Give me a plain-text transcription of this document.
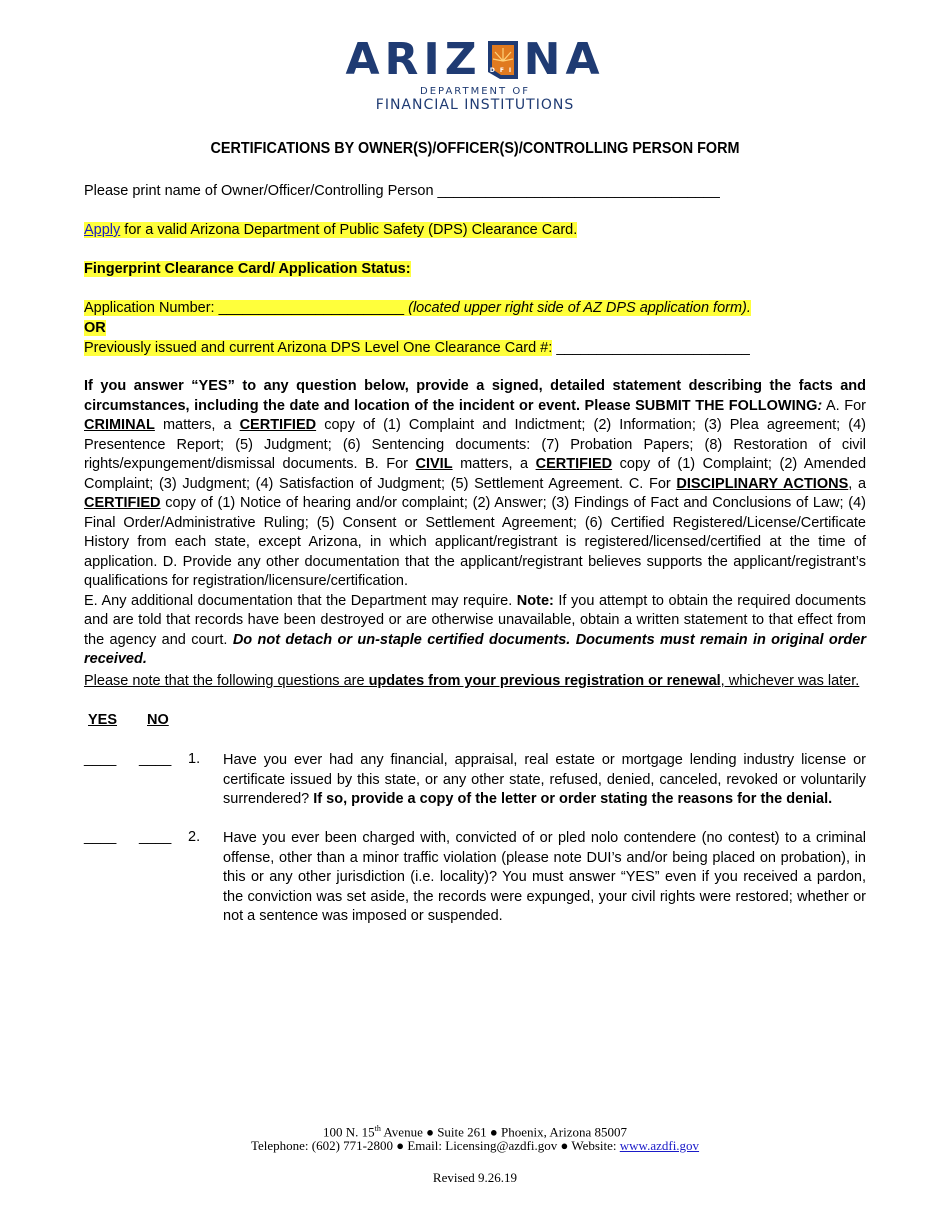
ARIZ DFI NA
DEPARTMENT OF
FINANCIAL INSTITUTIONS
CERTIFICATIONS BY OWNER(S)/OFFICER(S)/CONTROLLING PERSON FORM
Please print name of Owner/Officer/Controlling Person ___________________________________
Apply for a valid Arizona Department of Public Safety (DPS) Clearance Card.
Fingerprint Clearance Card/ Application Status:
Application Number: _______________________ (located upper right side of AZ DPS application form).
OR
Previously issued and current Arizona DPS Level One Clearance Card #: ________________________
If you answer “YES” to any question below, provide a signed, detailed statement describing the facts and circumstances, including the date and location of the incident or event. Please SUBMIT THE FOLLOWING: A. For CRIMINAL matters, a CERTIFIED copy of (1) Complaint and Indictment; (2) Information; (3) Plea agreement; (4) Presentence Report; (5) Judgment; (6) Sentencing documents: (7) Probation Papers; (8) Restoration of civil rights/expungement/dismissal documents. B. For CIVIL matters, a CERTIFIED copy of (1) Complaint; (2) Amended Complaint; (3) Judgment; (4) Satisfaction of Judgment; (5) Settlement Agreement. C. For DISCIPLINARY ACTIONS, a CERTIFIED copy of (1) Notice of hearing and/or complaint; (2) Answer; (3) Findings of Fact and Conclusions of Law; (4) Final Order/Administrative Ruling; (5) Consent or Settlement Agreement; (6) Certified Registered/License/Certificate History from each state, except Arizona, in which applicant/registrant is registered/licensed/certified at the time of application. D. Provide any other documentation that the applicant/registrant believes supports the applicant/registrant’s qualifications for registration/licensure/certification.
E. Any additional documentation that the Department may require. Note: If you attempt to obtain the required documents and are told that records have been destroyed or are otherwise unavailable, obtain a written statement to that effect from the agency and court. Do not detach or un-staple certified documents. Documents must remain in original order received.
Please note that the following questions are updates from your previous registration or renewal, whichever was later.
YES NO
____ ____ 1. Have you ever had any financial, appraisal, real estate or mortgage lending industry license or certificate issued by this state, or any other state, refused, denied, canceled, revoked or voluntarily surrendered? If so, provide a copy of the letter or order stating the reasons for the denial.
____ ____ 2. Have you ever been charged with, convicted of or pled nolo contendere (no contest) to a criminal offense, other than a minor traffic violation (please note DUI’s and/or being placed on probation), in this or any other jurisdiction (i.e. locality)? You must answer “YES” even if you received a pardon, the conviction was set aside, the records were expunged, your civil rights were restored; whether or not a sentence was imposed or suspended.
100 N. 15th Avenue ● Suite 261 ● Phoenix, Arizona 85007
Telephone: (602) 771-2800 ● Email: Licensing@azdfi.gov ● Website: www.azdfi.gov
Revised 9.26.19
